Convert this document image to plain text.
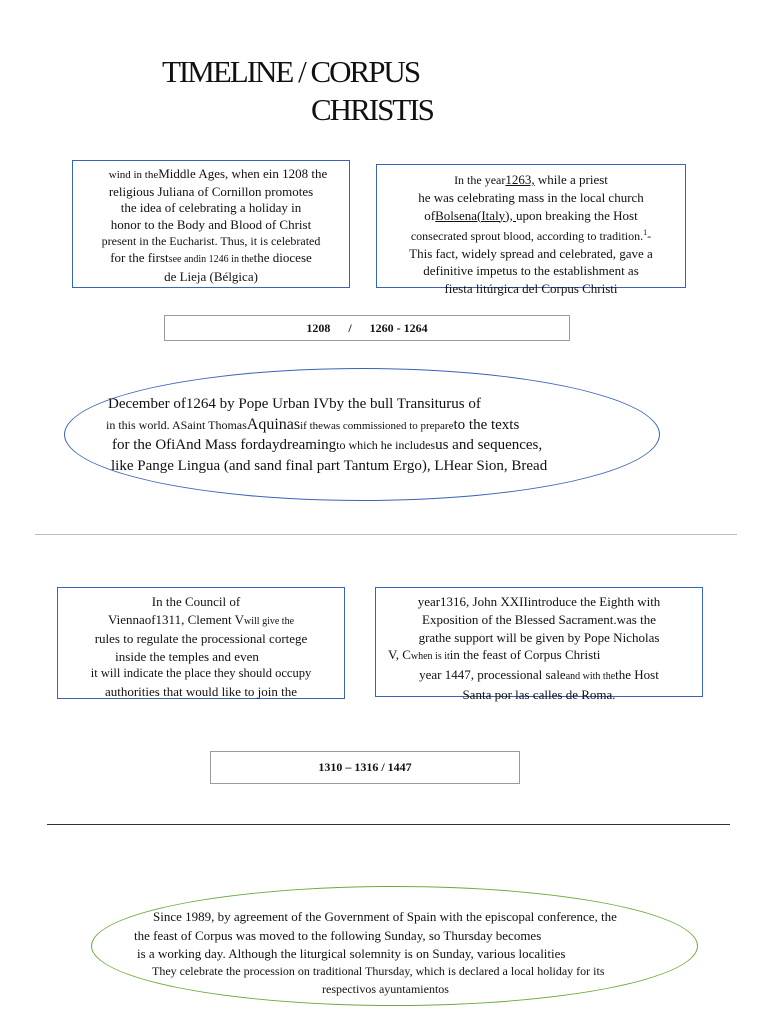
TIMELINE / CORPUS
CHRISTIS

wind in theMiddle Ages, when ein 1208 the

religious Juliana of Cornillon promotes

the idea of celebrating a holiday in

honor to the Body and Blood of Christ

present in the Eucharist. Thus, it is celebrated

for the firstsee andin 1246 in thethe diocese

de Lieja (Bélgica)

In the year1263, while a priest

he was celebrating mass in the local church

ofBolsena(Italy), upon breaking the Host

consecrated sprout blood, according to tradition.$^1$-

This fact, widely spread and celebrated, gave a

definitive impetus to the establishment as

fiesta litúrgica del Corpus Christi

1208      /      1260 - 1264

December of1264 by Pope Urban IVby the bull Transiturus of

in this world. ASaint ThomasAquinasif thewas commissioned to prepareto the texts

for the OfiAnd Mass fordaydreamingto which he includesus and sequences,

like Pange Lingua (and sand final part Tantum Ergo), LHear Sion, Bread

In the Council of

Viennaof1311, Clement Vwill give the

rules to regulate the processional cortege

inside the temples and even

it will indicate the place they should occupy

authorities that would like to join the

year1316, John XXIIintroduce the Eighth with

Exposition of the Blessed Sacrament.was the

grathe support will be given by Pope Nicholas

V, Cwhen is itin the feast of Corpus Christi

year 1447, processional saleand with thethe Host

Santa por las calles de Roma.

1310 – 1316 / 1447

Since 1989, by agreement of the Government of Spain with the episcopal conference, the

the feast of Corpus was moved to the following Sunday, so Thursday becomes

is a working day. Although the liturgical solemnity is on Sunday, various localities

They celebrate the procession on traditional Thursday, which is declared a local holiday for its

respectivos ayuntamientos
